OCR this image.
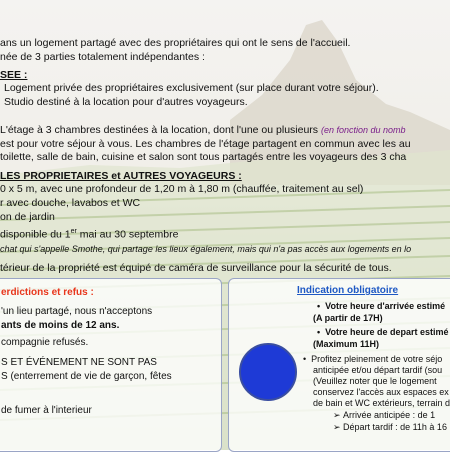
ans un logement partagé avec des propriétaires qui ont le sens de l'accueil.
née de 3 parties totalement indépendantes :
SEE :
Logement privée des propriétaires exclusivement (sur place durant votre séjour).
Studio destiné à la location pour d'autres voyageurs.
L'étage à 3 chambres destinées à la location, dont l'une ou plusieurs (en fonction du nomb
est pour votre séjour à vous. Les chambres de l'étage partagent en commun avec les au
toilette, salle de bain, cuisine et salon sont tous partagés entre les voyageurs des 3 cha
LES PROPRIETAIRES et AUTRES VOYAGEURS :
0 x 5 m, avec une profondeur de 1,20 m à 1,80 m (chauffée, traitement au sel)
r avec douche, lavabos et WC
on de jardin
disponible du 1er mai au 30 septembre
chat qui s'appelle Smothe, qui partage les lieux également, mais qui n'a pas accès aux logements en lo
térieur de la propriété est équipé de caméra de surveillance pour la sécurité de tous.
erdictions et refus :
'un lieu partagé, nous n'acceptons
ants de moins de 12 ans.
compagnie refusés.
S ET ÉVÉNEMENT NE SONT PAS
S (enterrement de vie de garçon, fêtes
de fumer à l'interieur
Indication obligatoire
•  Votre heure d'arrivée estimé
(A partir de 17H)
•  Votre heure de depart estimé
(Maximum 11H)
•  Profitez pleinement de votre séjo
anticipée et/ou départ tardif (sou
(Veuillez noter que le logement
conservez l'accès aux espaces ex
de bain et WC extérieurs, terrain d
➢ Arrivée anticipée : de 1
➢ Départ tardif : de 11h à 16
